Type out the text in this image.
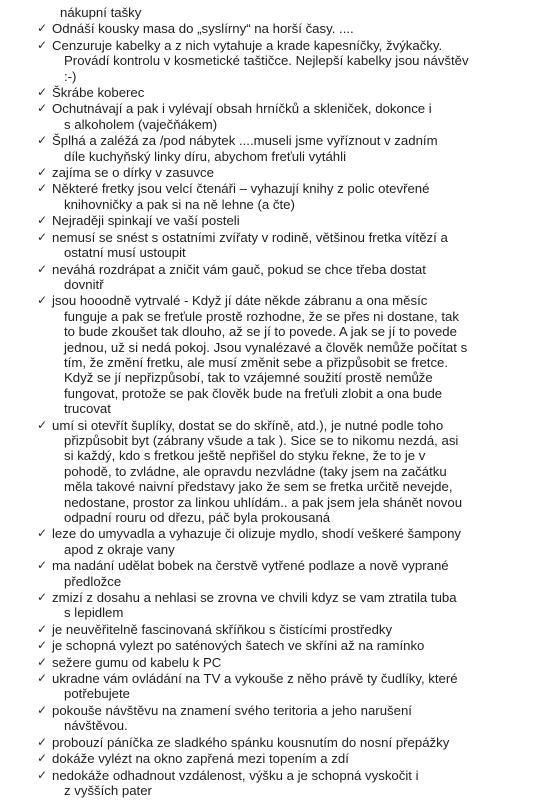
nákupní tašky
✓ Odnáší kousky masa do „syslírny“ na horší časy. ....
✓ Cenzuruje kabelky a z nich vytahuje a krade kapesníčky, žvýkačky.
Provádí kontrolu v kosmetické taštičce. Nejlepší kabelky jsou návštěv
:-)
✓ Škrábe koberec
✓ Ochutnávají a pak i vylévají obsah hrníčků a skleniček, dokonce i
s alkoholem (vaječňákem)
✓ Šplhá a zaléžá za /pod nábytek ....museli jsme vyříznout v zadním
díle kuchyňský linky díru, abychom freťuli vytáhli
✓ zajíma se o dírky v zasuvce
✓ Některé fretky jsou velcí čtenáři – vyhazují knihy z polic otevřené
knihovničky a pak si na ně lehne (a čte)
✓ Nejraději spinkají ve vaší posteli
✓ nemusí se snést s ostatními zvířaty v rodině, většinou fretka vítězí a
ostatní musí ustoupit
✓ neváhá rozdrápat a zničit vám gauč, pokud se chce třeba dostat
dovnitř
✓ jsou hooodně vytrvalé - Když jí dáte někde zábranu a ona měsíc
funguje a pak se freťule prostě rozhodne, že se přes ni dostane, tak
to bude zkoušet tak dlouho, až se jí to povede. A jak se jí to povede
jednou, už si nedá pokoj. Jsou vynalézavé a člověk nemůže počítat s
tím, že změní fretku, ale musí změnit sebe a přizpůsobit se fretce.
Když se jí nepřizpůsobí, tak to vzájemné soužití prostě nemůže
fungovat, protože se pak člověk bude na freťuli zlobit a ona bude
trucovat
✓ umí si otevřít šuplíky, dostat se do skříně, atd.), je nutné podle toho
přizpůsobit byt (zábrany všude a tak ). Sice se to nikomu nezdá, asi
si každý, kdo s fretkou ještě nepřišel do styku řekne, že to je v
pohodě, to zvládne, ale opravdu nezvládne (taky jsem na začátku
měla takové naivní představy jako že sem se fretka určitě nevejde,
nedostane, prostor za linkou uhlídám.. a pak jsem jela shánět novou
odpadní rouru od dřezu, páč byla prokousaná
✓ leze do umyvadla a vyhazuje či olizuje mydlo, shodí veškeré šampony
apod z okraje vany
✓ ma nadání udělat bobek na čerstvě vytřené podlaze a nově vyprané
předložce
✓ zmizí z dosahu a nehlasi se zrovna ve chvili kdyz se vam ztratila tuba
s lepidlem
✓ je neuvěřitelně fascinovaná skříňkou s čistícími prostředky
✓ je schopná vylezt po saténových šatech ve skříni až na ramínko
✓ sežere gumu od kabelu k PC
✓ ukradne vám ovládání na TV a vykouše z něho právě ty čudlíky, které
potřebujete
✓ pokouše návštěvu na znamení svého teritoria a jeho narušení
návštěvou.
✓ probouzí páníčka ze sladkého spánku kousnutím do nosní přepážky
✓ dokáže vylézt na okno zapřená mezi topením a zdí
✓ nedokáže odhadnout vzdálenost, výšku a je schopná vyskočit i
z vyšších pater
